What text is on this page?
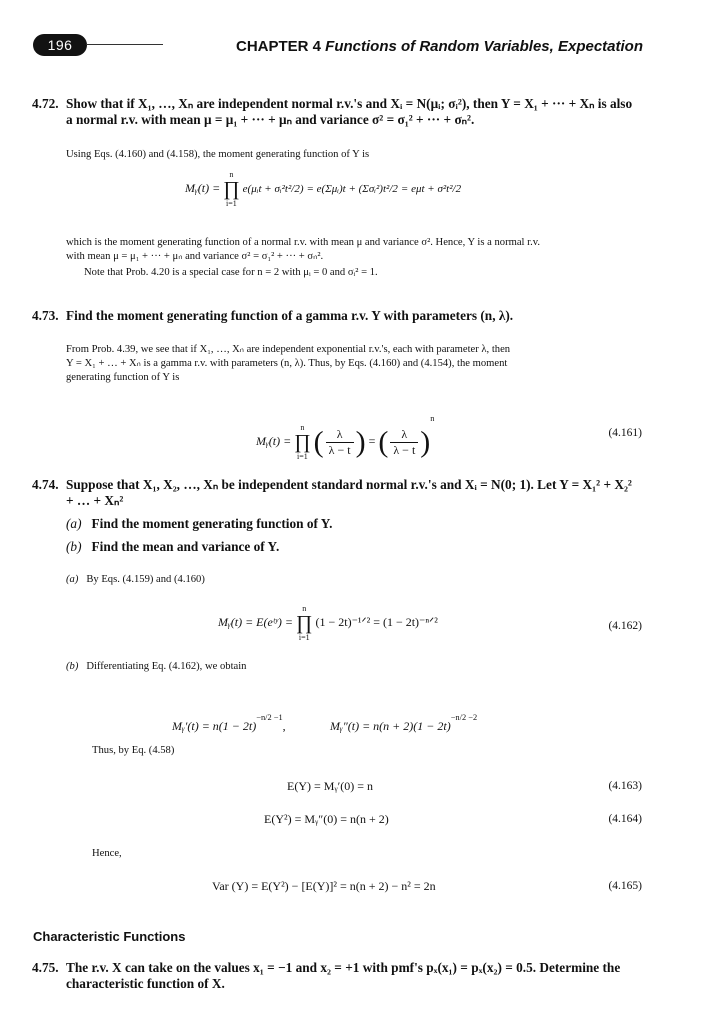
196	CHAPTER 4 Functions of Random Variables, Expectation
4.72. Show that if X₁, …, Xₙ are independent normal r.v.'s and Xᵢ = N(μᵢ; σᵢ²), then Y = X₁ + ··· + Xₙ is also
a normal r.v. with mean μ = μ₁ + ··· + μₙ and variance σ² = σ₁² + ··· + σₙ².
Using Eqs. (4.160) and (4.158), the moment generating function of Y is
Mᵧ(t) = n
∏
i=1 e(μᵢt + σᵢ²t²/2) = e(Σμᵢ)t + (Σσᵢ²)t²/2 = eμt + σ²t²/2
which is the moment generating function of a normal r.v. with mean μ and variance σ². Hence, Y is a normal r.v.
with mean μ = μ₁ + ··· + μₙ and variance σ² = σ₁² + ··· + σₙ².
Note that Prob. 4.20 is a special case for n = 2 with μᵢ = 0 and σᵢ² = 1.
4.73. Find the moment generating function of a gamma r.v. Y with parameters (n, λ).
From Prob. 4.39, we see that if X₁, …, Xₙ are independent exponential r.v.'s, each with parameter λ, then
Y = X₁ + … + Xₙ is a gamma r.v. with parameters (n, λ). Thus, by Eqs. (4.160) and (4.154), the moment
generating function of Y is
Mᵧ(t) = n
∏
i=1 ( $\frac{\lambda}{\lambda - t}$ ) = ( $\frac{\lambda}{\lambda - t} )^n$
(4.161)
4.74. Suppose that X₁, X₂, …, Xₙ be independent standard normal r.v.'s and Xᵢ = N(0; 1). Let Y = X₁² + X₂²
+ … + Xₙ²
(a) Find the moment generating function of Y.
(b) Find the mean and variance of Y.
(a) By Eqs. (4.159) and (4.160)
Mᵧ(t) = E(eᵗʸ) = n
∏
i=1 (1 − 2t)⁻¹ᐟ² = (1 − 2t)⁻ⁿᐟ²	(4.162)
(b) Differentiating Eq. (4.162), we obtain
Mᵧ′(t) = $n(1 - 2t)^{-n/2 -1}$,	Mᵧ″(t) = $n(n + 2)(1 - 2t)^{-n/2 -2}$
Thus, by Eq. (4.58)
E(Y) = Mᵧ′(0) = n	(4.163)
E(Y²) = Mᵧ″(0) = n(n + 2)	(4.164)
Hence,
Var (Y) = E(Y²) − [E(Y)]² = n(n + 2) − n² = 2n	(4.165)
Characteristic Functions
4.75. The r.v. X can take on the values x₁ = −1 and x₂ = +1 with pmf's pₓ(x₁) = pₓ(x₂) = 0.5. Determine the
characteristic function of X.
